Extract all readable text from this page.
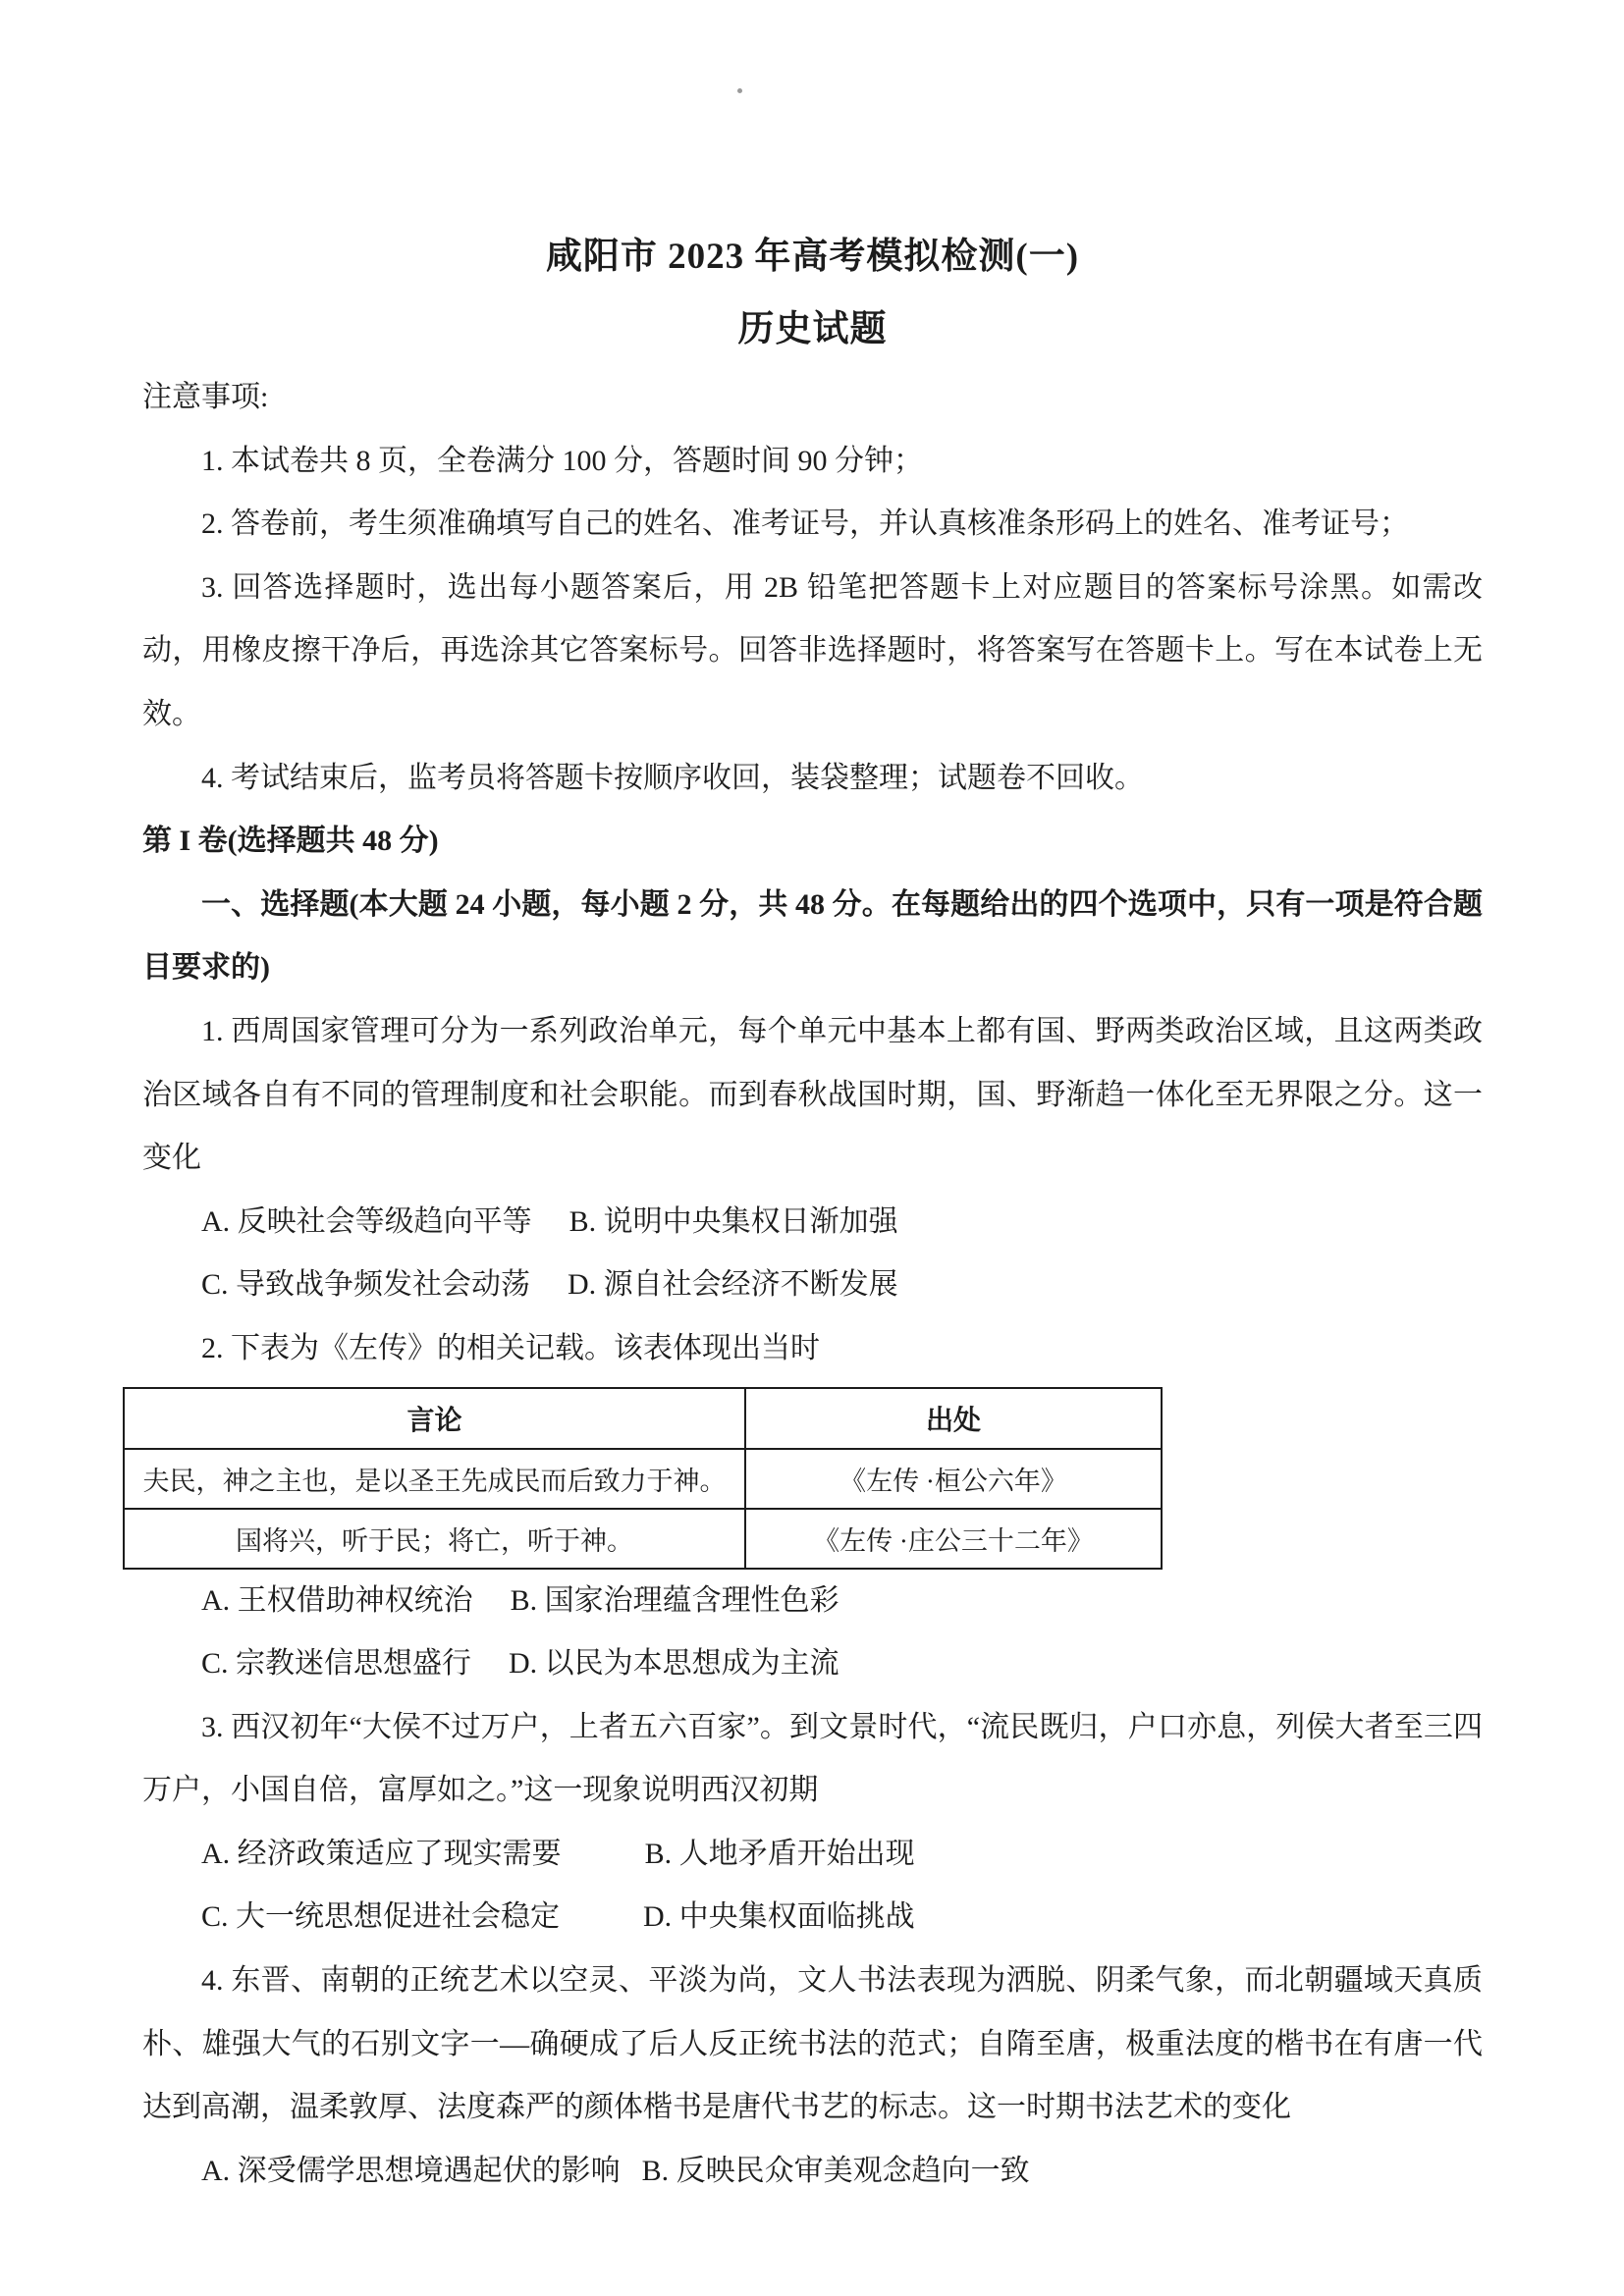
咸阳市 2023 年高考模拟检测(一)
历史试题

注意事项:

1. 本试卷共 8 页，全卷满分 100 分，答题时间 90 分钟；

2. 答卷前，考生须准确填写自己的姓名、准考证号，并认真核准条形码上的姓名、准考证号；

3. 回答选择题时，选出每小题答案后，用 2B 铅笔把答题卡上对应题目的答案标号涂黑。如需改动，用橡皮擦干净后，再选涂其它答案标号。回答非选择题时，将答案写在答题卡上。写在本试卷上无效。

4. 考试结束后，监考员将答题卡按顺序收回，装袋整理；试题卷不回收。

第 I 卷(选择题共 48 分)

一、选择题(本大题 24 小题，每小题 2 分，共 48 分。在每题给出的四个选项中，只有一项是符合题目要求的)

1. 西周国家管理可分为一系列政治单元，每个单元中基本上都有国、野两类政治区域，且这两类政治区域各自有不同的管理制度和社会职能。而到春秋战国时期，国、野渐趋一体化至无界限之分。这一变化

A. 反映社会等级趋向平等 B. 说明中央集权日渐加强

C. 导致战争频发社会动荡 D. 源自社会经济不断发展

2. 下表为《左传》的相关记载。该表体现出当时

言论	出处
夫民，神之主也，是以圣王先成民而后致力于神。	《左传 ·桓公六年》
国将兴，听于民；将亡，听于神。	《左传 ·庄公三十二年》

A. 王权借助神权统治 B. 国家治理蕴含理性色彩

C. 宗教迷信思想盛行 D. 以民为本思想成为主流

3. 西汉初年“大侯不过万户，上者五六百家”。到文景时代，“流民既归，户口亦息，列侯大者至三四万户，小国自倍，富厚如之。”这一现象说明西汉初期

A. 经济政策适应了现实需要	B. 人地矛盾开始出现

C. 大一统思想促进社会稳定	D. 中央集权面临挑战

4. 东晋、南朝的正统艺术以空灵、平淡为尚，文人书法表现为洒脱、阴柔气象，而北朝疆域天真质朴、雄强大气的石别文字一—确硬成了后人反正统书法的范式；自隋至唐，极重法度的楷书在有唐一代达到高潮，温柔敦厚、法度森严的颜体楷书是唐代书艺的标志。这一时期书法艺术的变化

A. 深受儒学思想境遇起伏的影响 B. 反映民众审美观念趋向一致
